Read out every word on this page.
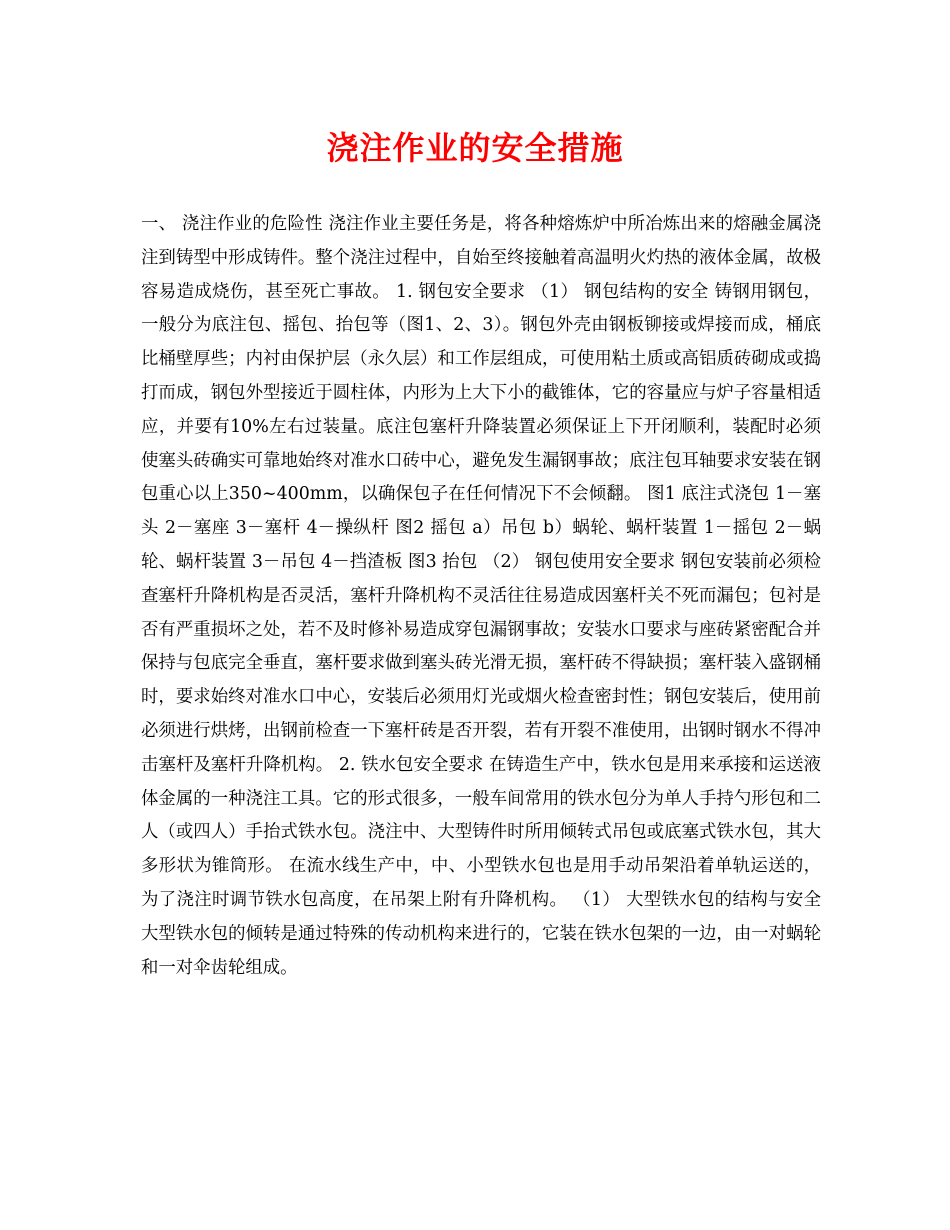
浇注作业的安全措施

一、 浇注作业的危险性 浇注作业主要任务是，将各种熔炼炉中所冶炼出来的熔融金属浇注到铸型中形成铸件。整个浇注过程中，自始至终接触着高温明火灼热的液体金属，故极容易造成烧伤，甚至死亡事故。 1. 钢包安全要求 （1） 钢包结构的安全 铸钢用钢包，一般分为底注包、摇包、抬包等（图1、2、3）。钢包外壳由钢板铆接或焊接而成，桶底比桶壁厚些；内衬由保护层（永久层）和工作层组成，可使用粘土质或高铝质砖砌成或捣打而成，钢包外型接近于圆柱体，内形为上大下小的截锥体，它的容量应与炉子容量相适应，并要有10%左右过装量。底注包塞杆升降装置必须保证上下开闭顺利，装配时必须使塞头砖确实可靠地始终对准水口砖中心，避免发生漏钢事故；底注包耳轴要求安装在钢包重心以上350~400mm，以确保包子在任何情况下不会倾翻。 图1 底注式浇包 1－塞头 2－塞座 3－塞杆 4－操纵杆 图2 摇包 a）吊包 b）蜗轮、蜗杆装置 1－摇包 2－蜗轮、蜗杆装置 3－吊包 4－挡渣板 图3 抬包 （2） 钢包使用安全要求 钢包安装前必须检查塞杆升降机构是否灵活，塞杆升降机构不灵活往往易造成因塞杆关不死而漏包；包衬是否有严重损坏之处，若不及时修补易造成穿包漏钢事故；安装水口要求与座砖紧密配合并保持与包底完全垂直，塞杆要求做到塞头砖光滑无损，塞杆砖不得缺损；塞杆装入盛钢桶时，要求始终对准水口中心，安装后必须用灯光或烟火检查密封性；钢包安装后，使用前必须进行烘烤，出钢前检查一下塞杆砖是否开裂，若有开裂不准使用，出钢时钢水不得冲击塞杆及塞杆升降机构。 2. 铁水包安全要求 在铸造生产中，铁水包是用来承接和运送液体金属的一种浇注工具。它的形式很多，一般车间常用的铁水包分为单人手持勺形包和二人（或四人）手抬式铁水包。浇注中、大型铸件时所用倾转式吊包或底塞式铁水包，其大多形状为锥筒形。 在流水线生产中，中、小型铁水包也是用手动吊架沿着单轨运送的，为了浇注时调节铁水包高度，在吊架上附有升降机构。 （1） 大型铁水包的结构与安全 大型铁水包的倾转是通过特殊的传动机构来进行的，它装在铁水包架的一边，由一对蜗轮和一对伞齿轮组成。
